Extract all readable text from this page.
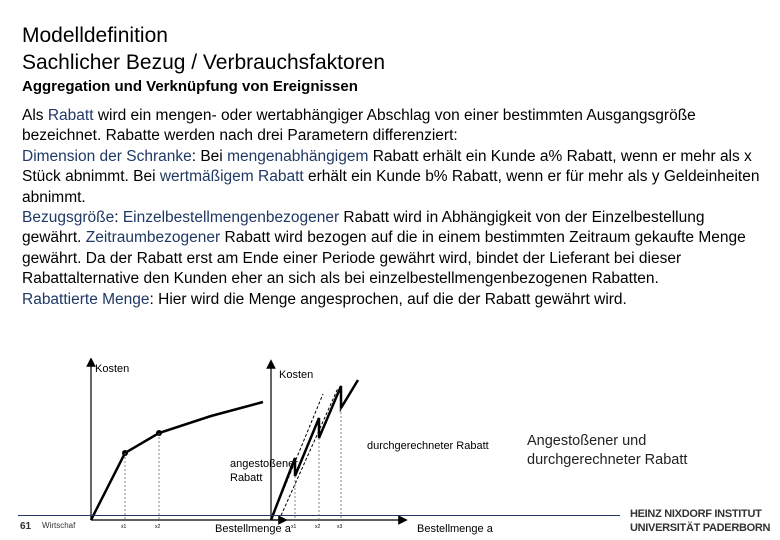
Modelldefinition
Sachlicher Bezug / Verbrauchsfaktoren
Aggregation und Verknüpfung von Ereignissen

Als Rabatt wird ein mengen- oder wertabhängiger Abschlag von einer bestimmten Ausgangsgröße bezeichnet. Rabatte werden nach drei Parametern differenziert:

Dimension der Schranke: Bei mengenabhängigem Rabatt erhält ein Kunde a% Rabatt, wenn er mehr als x Stück abnimmt. Bei wertmäßigem Rabatt erhält ein Kunde b% Rabatt, wenn er für mehr als y Geldeinheiten abnimmt.

Bezugsgröße: Einzelbestellmengenbezogener Rabatt wird in Abhängigkeit von der Einzelbestellung gewährt. Zeitraumbezogener Rabatt wird bezogen auf die in einem bestimmten Zeitraum gekaufte Menge gewährt. Da der Rabatt erst am Ende einer Periode gewährt wird, bindet der Lieferant bei dieser Rabattalternative den Kunden eher an sich als bei einzelbestellmengenbezogenen Rabatten.

Rabattierte Menge: Hier wird die Menge angesprochen, auf die der Rabatt gewährt wird.

Kosten
Bestellmenge a
x1	x2
angestoßener
Rabatt
Kosten
Bestellmenge a
x1	x2	x3
durchgerechneter Rabatt	Angestoßener und
durchgerechneter Rabatt
61 Wirtschaf
HEINZ NIXDORF INSTITUT
UNIVERSITÄT PADERBORN
